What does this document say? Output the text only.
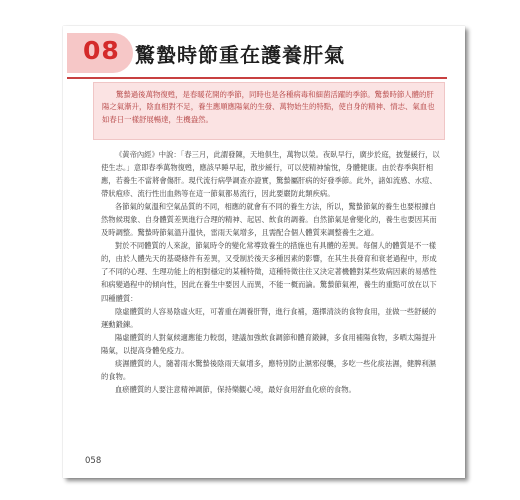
08 驚蟄時節重在護養肝氣
驚蟄過後萬物復甦，是春暖花開的季節，同時也是各種病毒和細菌活躍的季節。驚蟄時節人體的肝陽之氣漸升，陰血相對不足，養生應順應陽氣的生發、萬物始生的特點，使自身的精神、情志、氣血也如春日一樣舒展暢達，生機盎然。

《黃帝內經》中說：「春三月，此謂發陳，天地俱生，萬物以榮。夜臥早行，廣步於庭，披髮緩行，以使生志。」意即春季萬物復甦，應該早睡早起，散步緩行，可以使精神愉悅，身體健康。由於春季與肝相應，若養生不當將會傷肝。現代流行病學調查亦證實，驚蟄屬肝病的好發季節。此外，諸如流感、水痘、帶狀疱疹、流行性出血熱等在這一節氣都易流行，因此要嚴防此類疾病。

各節氣的氣溫和空氣品質的不同，相應的就會有不同的養生方法，所以，驚蟄節氣的養生也要根據自然物候現象、自身體質差異進行合理的精神、起居、飲食的調養。自然節氣是會變化的，養生也要因其而及時調整。驚蟄時節氣溫升溫快，雷雨天氣增多，且需配合個人體質來調整養生之道。

對於不同體質的人來說，節氣時令的變化常導致養生的措施也有具體的差異。每個人的體質是不一樣的，由於人體先天的基礎條件有差異，又受制於後天多種因素的影響，在其生長發育和衰老過程中，形成了不同的心理、生理功能上的相對穩定的某種特徵，這種特徵往往又決定著機體對某些致病因素的易感性和病變過程中的傾向性，因此在養生中要因人而異，不能一概而論。驚蟄節氣裡，養生的重點可放在以下四種體質：

陰虛體質的人容易陰虛火旺，可著重在調養肝腎，進行食補，選擇清淡的食物食用，並做一些舒緩的運動鍛鍊。

陽虛體質的人對氣候適應能力較弱，建議加強飲食調節和體育鍛鍊，多食用補陽食物，多晒太陽提升陽氣，以提高身體免疫力。

痰濕體質的人，隨著雨水驚蟄後陰雨天氣增多，應特別防止濕邪侵襲，多吃一些化痰祛濕，健脾利濕的食物。

血瘀體質的人要注意精神調節，保持樂觀心境，最好食用舒血化瘀的食物。

058
